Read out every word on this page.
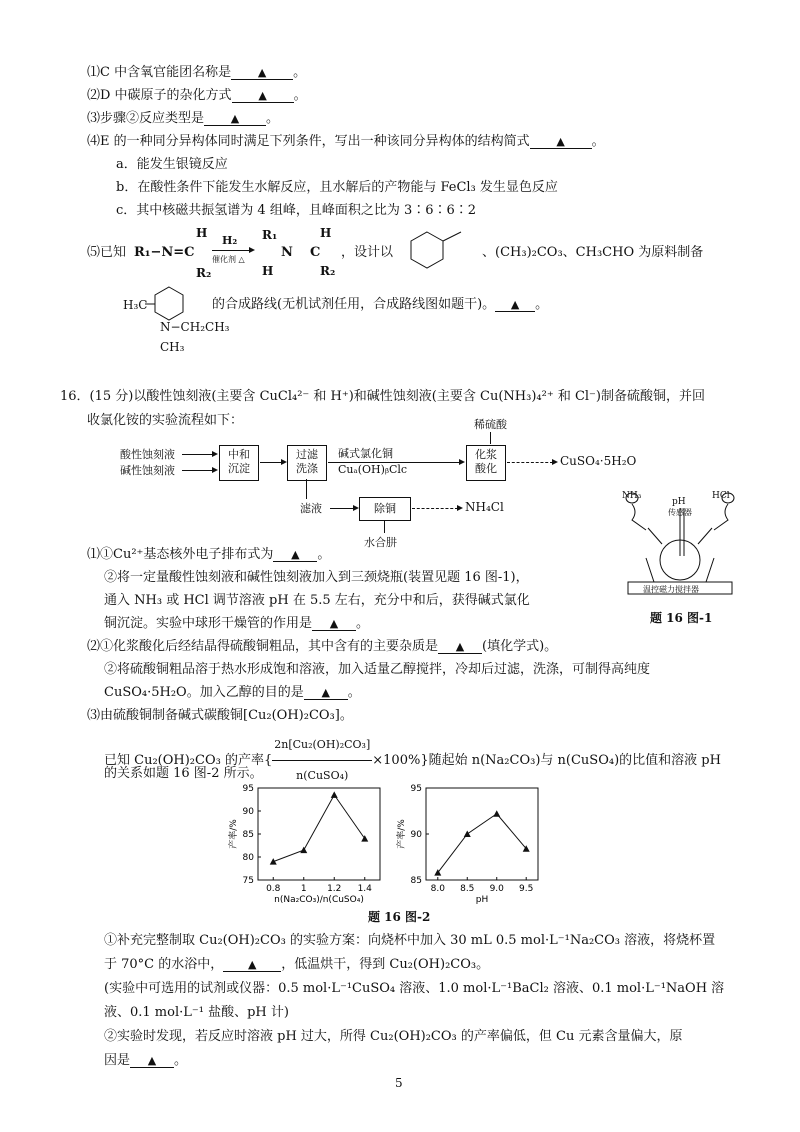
⑴C 中含氧官能团名称是 ▲ 。
⑵D 中碳原子的杂化方式 ▲ 。
⑶步骤②反应类型是 ▲ 。
⑷E 的一种同分异构体同时满足下列条件，写出一种该同分异构体的结构简式 ▲ 。
a．能发生银镜反应
b．在酸性条件下能发生水解反应，且水解后的产物能与 FeCl₃ 发生显色反应
c．其中核磁共振氢谱为 4 组峰，且峰面积之比为 3∶6∶6∶2
⑸已知 R₁−N=C
H
R₂
H₂
催化剂 △
R₁
H
N C
H
R₂
，设计以	、(CH₃)₂CO₃、CH₃CHO 为原料制备
H₃C
N−CH₂CH₃
CH₃
的合成路线(无机试剂任用，合成路线图如题干)。 ▲ 。
16．(15 分)以酸性蚀刻液(主要含 CuCl₄²⁻ 和 H⁺)和碱性蚀刻液(主要含 Cu(NH₃)₄²⁺ 和 Cl⁻)制备硫酸铜，并回
收氯化铵的实验流程如下：
酸性蚀刻液
碱性蚀刻液
中和
沉淀
过滤
洗涤
碱式氯化铜
Cuₐ(OH)ᵦClc
稀硫酸
化浆
酸化
CuSO₄·5H₂O
滤液	除铜	NH₄Cl
水合肼
NH₃	HCl
pH
传感器
温控磁力搅拌器
题 16 图-1
⑴①Cu²⁺基态核外电子排布式为 ▲ 。
②将一定量酸性蚀刻液和碱性蚀刻液加入到三颈烧瓶(装置见题 16 图-1)，
通入 NH₃ 或 HCl 调节溶液 pH 在 5.5 左右，充分中和后，获得碱式氯化
铜沉淀。实验中球形干燥管的作用是 ▲ 。
⑵①化浆酸化后经结晶得硫酸铜粗品，其中含有的主要杂质是 ▲ (填化学式)。
②将硫酸铜粗品溶于热水形成饱和溶液，加入适量乙醇搅拌，冷却后过滤，洗涤，可制得高纯度
CuSO₄·5H₂O。加入乙醇的目的是 ▲ 。
⑶由硫酸铜制备碱式碳酸铜[Cu₂(OH)₂CO₃]。
已知 Cu₂(OH)₂CO₃ 的产率{ $\frac{\text{2n[Cu₂(OH)₂CO₃]}}{\text{n(CuSO₄)}} \times 100\%$}随起始 n(Na₂CO₃)与 n(CuSO₄)的比值和溶液 pH
的关系如题 16 图-2 所示。
75
80
85
90
95
0.8 1 1.2 1.4
n(Na₂CO₃)/n(CuSO₄)
产率/%
85
90
95
8.0 8.5 9.0 9.5
pH
产率/%
题 16 图-2
①补充完整制取 Cu₂(OH)₂CO₃ 的实验方案：向烧杯中加入 30 mL 0.5 mol·L⁻¹Na₂CO₃ 溶液，将烧杯置
于 70°C 的水浴中， ▲ ，低温烘干，得到 Cu₂(OH)₂CO₃。
(实验中可选用的试剂或仪器：0.5 mol·L⁻¹CuSO₄ 溶液、1.0 mol·L⁻¹BaCl₂ 溶液、0.1 mol·L⁻¹NaOH 溶
液、0.1 mol·L⁻¹ 盐酸、pH 计)
②实验时发现，若反应时溶液 pH 过大，所得 Cu₂(OH)₂CO₃ 的产率偏低，但 Cu 元素含量偏大，原
因是 ▲ 。
5
